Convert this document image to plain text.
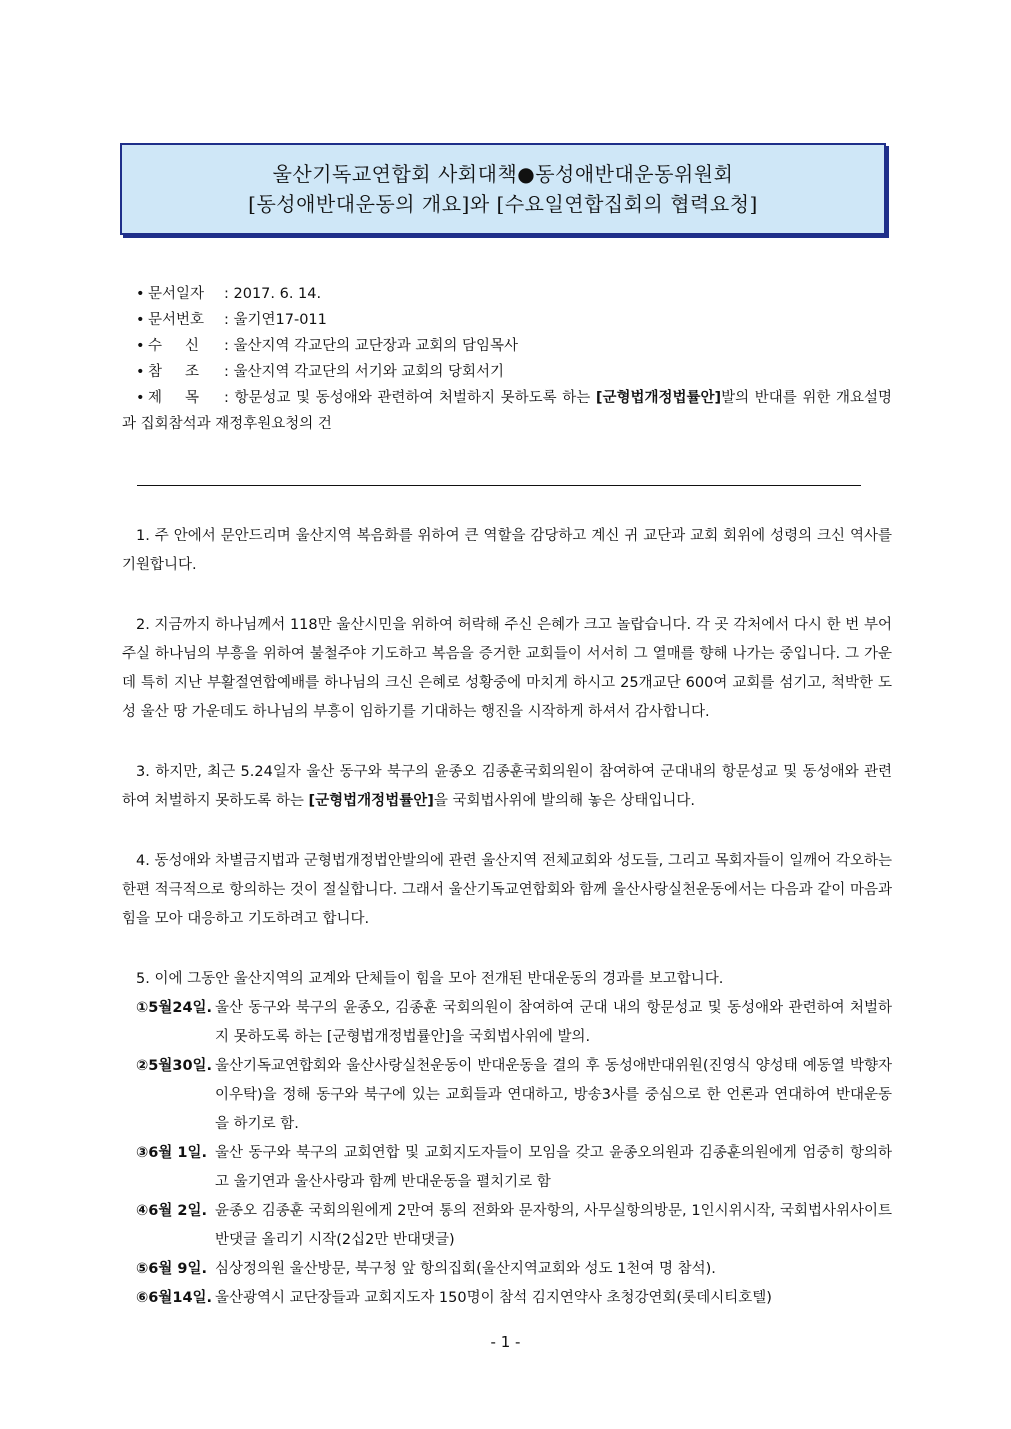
울산기독교연합회 사회대책●동성애반대운동위원회
[동성애반대운동의 개요]와 [수요일연합집회의 협력요청]
• 문서일자 : 2017. 6. 14.
• 문서번호 : 울기연17-011
• 수     신 : 울산지역 각교단의 교단장과 교회의 담임목사
• 참     조 : 울산지역 각교단의 서기와 교회의 당회서기
• 제     목 : 항문성교 및 동성애와 관련하여 처벌하지 못하도록 하는 [군형법개정법률안]발의 반대를 위한 개요설명과 집회참석과 재정후원요청의 건

1. 주 안에서 문안드리며 울산지역 복음화를 위하여 큰 역할을 감당하고 계신 귀 교단과 교회 회위에 성령의 크신 역사를 기원합니다.

2. 지금까지 하나님께서 118만 울산시민을 위하여 허락해 주신 은혜가 크고 놀랍습니다. 각 곳 각처에서 다시 한 번 부어주실 하나님의 부흥을 위하여 불철주야 기도하고 복음을 증거한 교회들이 서서히 그 열매를 향해 나가는 중입니다. 그 가운데 특히 지난 부활절연합예배를 하나님의 크신 은혜로 성황중에 마치게 하시고 25개교단 600여 교회를 섬기고, 척박한 도성 울산 땅 가운데도 하나님의 부흥이 임하기를 기대하는 행진을 시작하게 하셔서 감사합니다.

3. 하지만, 최근 5.24일자 울산 동구와 북구의 윤종오 김종훈국회의원이 참여하여 군대내의 항문성교 및 동성애와 관련하여 처벌하지 못하도록 하는 [군형법개정법률안]을 국회법사위에 발의해 놓은 상태입니다.

4. 동성애와 차별금지법과 군형법개정법안발의에 관련 울산지역 전체교회와 성도들, 그리고 목회자들이 일깨어 각오하는 한편 적극적으로 항의하는 것이 절실합니다. 그래서 울산기독교연합회와 함께 울산사랑실천운동에서는 다음과 같이 마음과 힘을 모아 대응하고 기도하려고 합니다.

5. 이에 그동안 울산지역의 교계와 단체들이 힘을 모아 전개된 반대운동의 경과를 보고합니다.

①5월24일. 울산 동구와 북구의 윤종오, 김종훈 국회의원이 참여하여 군대 내의 항문성교 및 동성애와 관련하여 처벌하지 못하도록 하는 [군형법개정법률안]을 국회법사위에 발의.
②5월30일. 울산기독교연합회와 울산사랑실천운동이 반대운동을 결의 후 동성애반대위원(진영식 양성태 예동열 박향자 이우탁)을 정해 동구와 북구에 있는 교회들과 연대하고, 방송3사를 중심으로 한 언론과 연대하여 반대운동을 하기로 함.
③6월 1일. 울산 동구와 북구의 교회연합 및 교회지도자들이 모임을 갖고 윤종오의원과 김종훈의원에게 엄중히 항의하고 울기연과 울산사랑과 함께 반대운동을 펼치기로 함
④6월 2일. 윤종오 김종훈 국회의원에게 2만여 통의 전화와 문자항의, 사무실항의방문, 1인시위시작, 국회법사위사이트 반댓글 올리기 시작(2십2만 반대댓글)
⑤6월 9일. 심상정의원 울산방문, 북구청 앞 항의집회(울산지역교회와 성도 1천여 명 참석).
⑥6월14일. 울산광역시 교단장들과 교회지도자 150명이 참석 김지연약사 초청강연회(롯데시티호텔)
- 1 -
